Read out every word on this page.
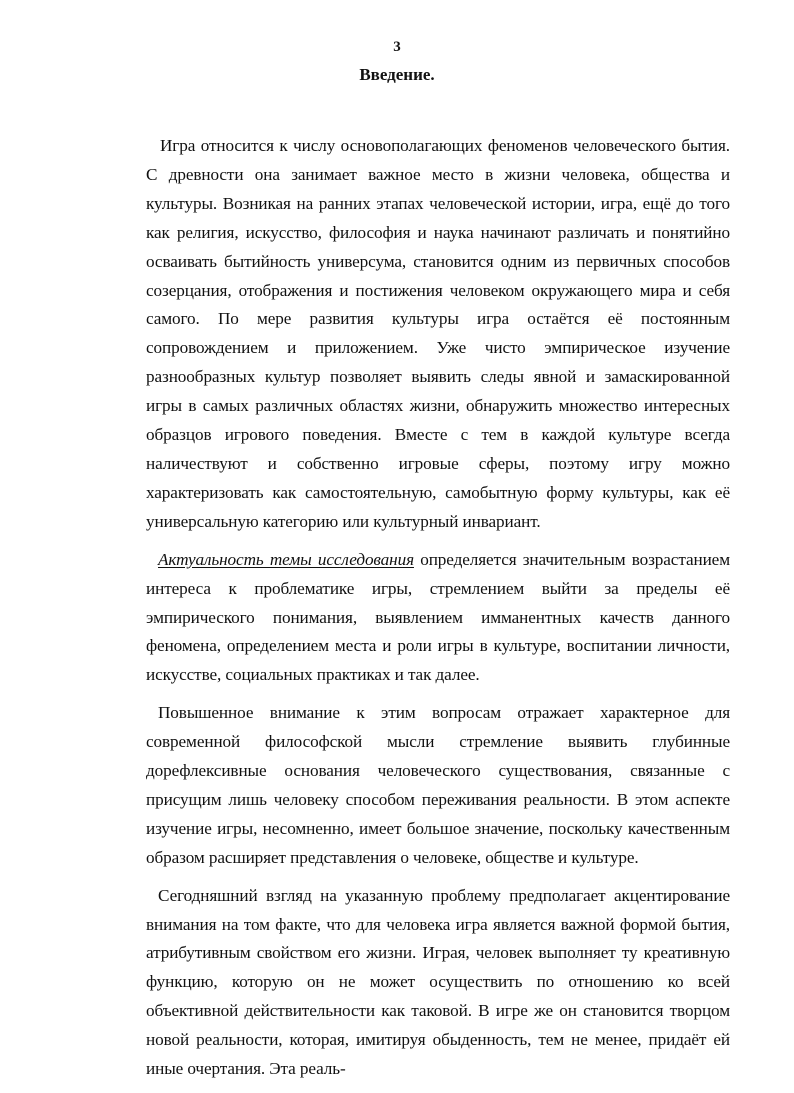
3
Введение.

Игра относится к числу основополагающих феноменов человеческого бытия. С древности она занимает важное место в жизни человека, общества и культуры. Возникая на ранних этапах человеческой истории, игра, ещё до того как религия, искусство, философия и наука начинают различать и понятийно осваивать бытийность универсума, становится одним из первичных способов созерцания, отображения и постижения человеком окружающего мира и себя самого. По мере развития культуры игра остаётся её постоянным сопровождением и приложением. Уже чисто эмпирическое изучение разнообразных культур позволяет выявить следы явной и замаскированной игры в самых различных областях жизни, обнаружить множество интересных образцов игрового поведения. Вместе с тем в каждой культуре всегда наличествуют и собственно игровые сферы, поэтому игру можно характеризовать как самостоятельную, самобытную форму культуры, как её универсальную категорию или культурный инвариант.

Актуальность темы исследования определяется значительным возрастанием интереса к проблематике игры, стремлением выйти за пределы её эмпирического понимания, выявлением имманентных качеств данного феномена, определением места и роли игры в культуре, воспитании личности, искусстве, социальных практиках и так далее.

Повышенное внимание к этим вопросам отражает характерное для современной философской мысли стремление выявить глубинные дорефлексивные основания человеческого существования, связанные с присущим лишь человеку способом переживания реальности. В этом аспекте изучение игры, несомненно, имеет большое значение, поскольку качественным образом расширяет представления о человеке, обществе и культуре.

Сегодняшний взгляд на указанную проблему предполагает акцентирование внимания на том факте, что для человека игра является важной формой бытия, атрибутивным свойством его жизни. Играя, человек выполняет ту креативную функцию, которую он не может осуществить по отношению ко всей объективной действительности как таковой. В игре же он становится творцом новой реальности, которая, имитируя обыденность, тем не менее, придаёт ей иные очертания. Эта реаль-
